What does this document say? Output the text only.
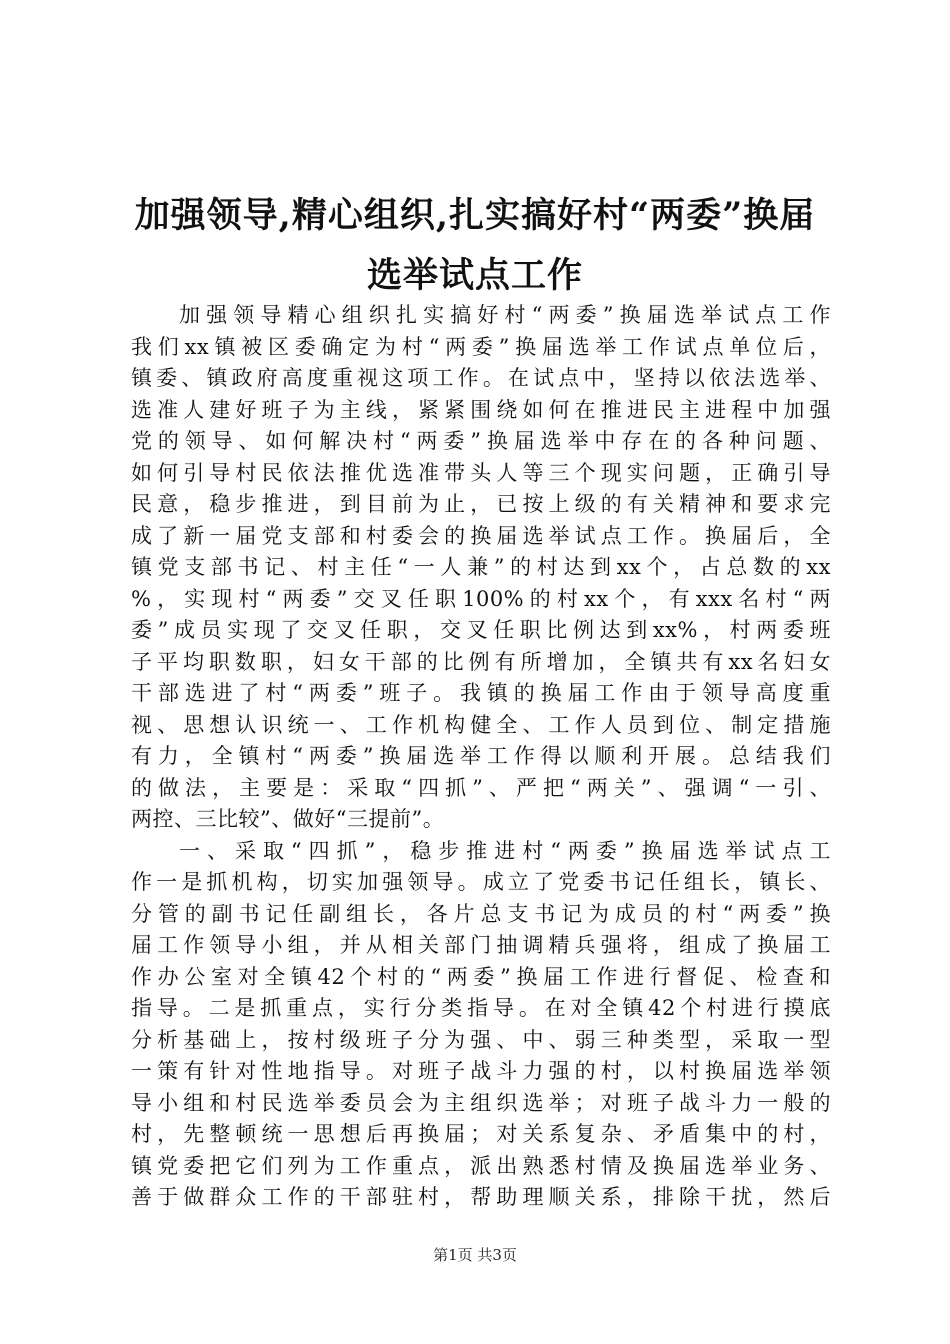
加强领导,精心组织,扎实搞好村“两委”换届
选举试点工作
加强领导精心组织扎实搞好村“两委”换届选举试点工作
我们xx镇被区委确定为村“两委”换届选举工作试点单位后，
镇委、镇政府高度重视这项工作。在试点中，坚持以依法选举、
选准人建好班子为主线，紧紧围绕如何在推进民主进程中加强
党的领导、如何解决村“两委”换届选举中存在的各种问题、
如何引导村民依法推优选准带头人等三个现实问题，正确引导
民意，稳步推进，到目前为止，已按上级的有关精神和要求完
成了新一届党支部和村委会的换届选举试点工作。换届后，全
镇党支部书记、村主任“一人兼”的村达到xx个，占总数的xx
%，实现村“两委”交叉任职100%的村xx个，有xxx名村“两
委”成员实现了交叉任职，交叉任职比例达到xx%，村两委班
子平均职数职，妇女干部的比例有所增加，全镇共有xx名妇女
干部选进了村“两委”班子。我镇的换届工作由于领导高度重
视、思想认识统一、工作机构健全、工作人员到位、制定措施
有力，全镇村“两委”换届选举工作得以顺利开展。总结我们
的做法，主要是：采取“四抓”、严把“两关”、强调“一引、
两控、三比较”、做好“三提前”。
一、采取“四抓”，稳步推进村“两委”换届选举试点工
作一是抓机构，切实加强领导。成立了党委书记任组长，镇长、
分管的副书记任副组长，各片总支书记为成员的村“两委”换
届工作领导小组，并从相关部门抽调精兵强将，组成了换届工
作办公室对全镇42个村的“两委”换届工作进行督促、检查和
指导。二是抓重点，实行分类指导。在对全镇42个村进行摸底
分析基础上，按村级班子分为强、中、弱三种类型，采取一型
一策有针对性地指导。对班子战斗力强的村，以村换届选举领
导小组和村民选举委员会为主组织选举；对班子战斗力一般的
村，先整顿统一思想后再换届；对关系复杂、矛盾集中的村，
镇党委把它们列为工作重点，派出熟悉村情及换届选举业务、
善于做群众工作的干部驻村，帮助理顺关系，排除干扰，然后
第1页 共3页
